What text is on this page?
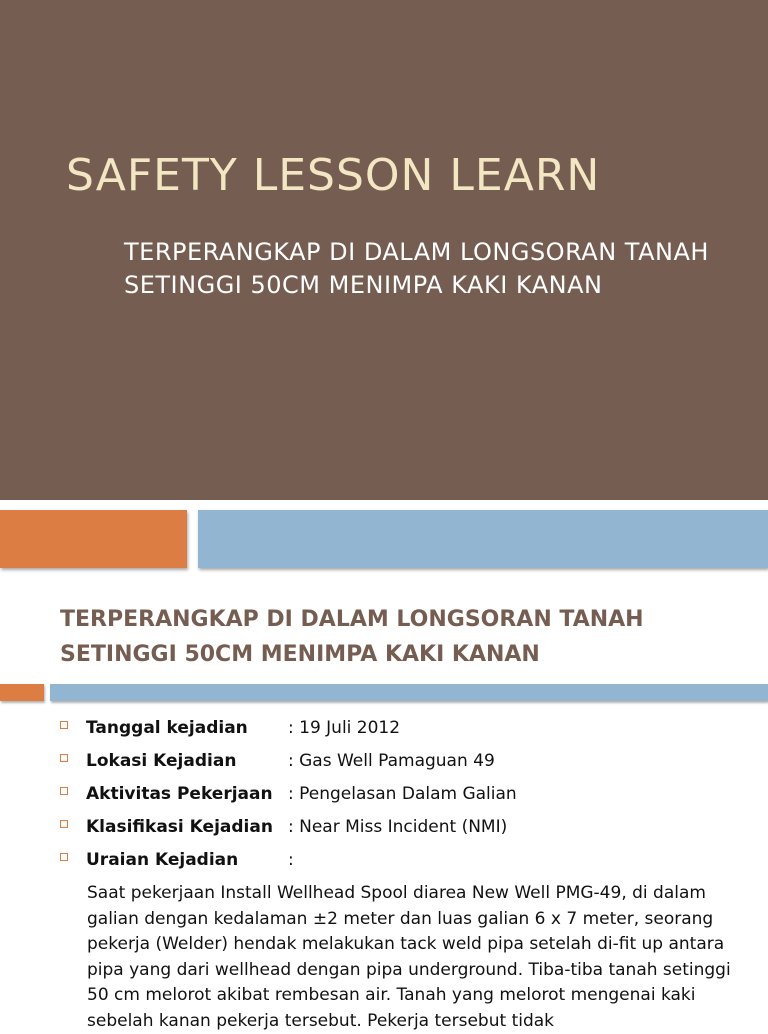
SAFETY LESSON LEARN
TERPERANGKAP DI DALAM LONGSORAN TANAH SETINGGI 50CM MENIMPA KAKI KANAN
TERPERANGKAP DI DALAM LONGSORAN TANAH SETINGGI 50CM MENIMPA KAKI KANAN
Tanggal kejadian : 19 Juli 2012
Lokasi Kejadian	: Gas Well Pamaguan 49
Aktivitas Pekerjaan : Pengelasan Dalam Galian
Klasifikasi Kejadian : Near Miss Incident (NMI)
Uraian Kejadian	:
Saat pekerjaan Install Wellhead Spool diarea New Well PMG-49, di dalam galian dengan kedalaman ±2 meter dan luas galian 6 x 7 meter, seorang pekerja (Welder) hendak melakukan tack weld pipa setelah di-fit up antara pipa yang dari wellhead dengan pipa underground. Tiba-tiba tanah setinggi 50 cm melorot akibat rembesan air. Tanah yang melorot mengenai kaki sebelah kanan pekerja tersebut. Pekerja tersebut tidak
